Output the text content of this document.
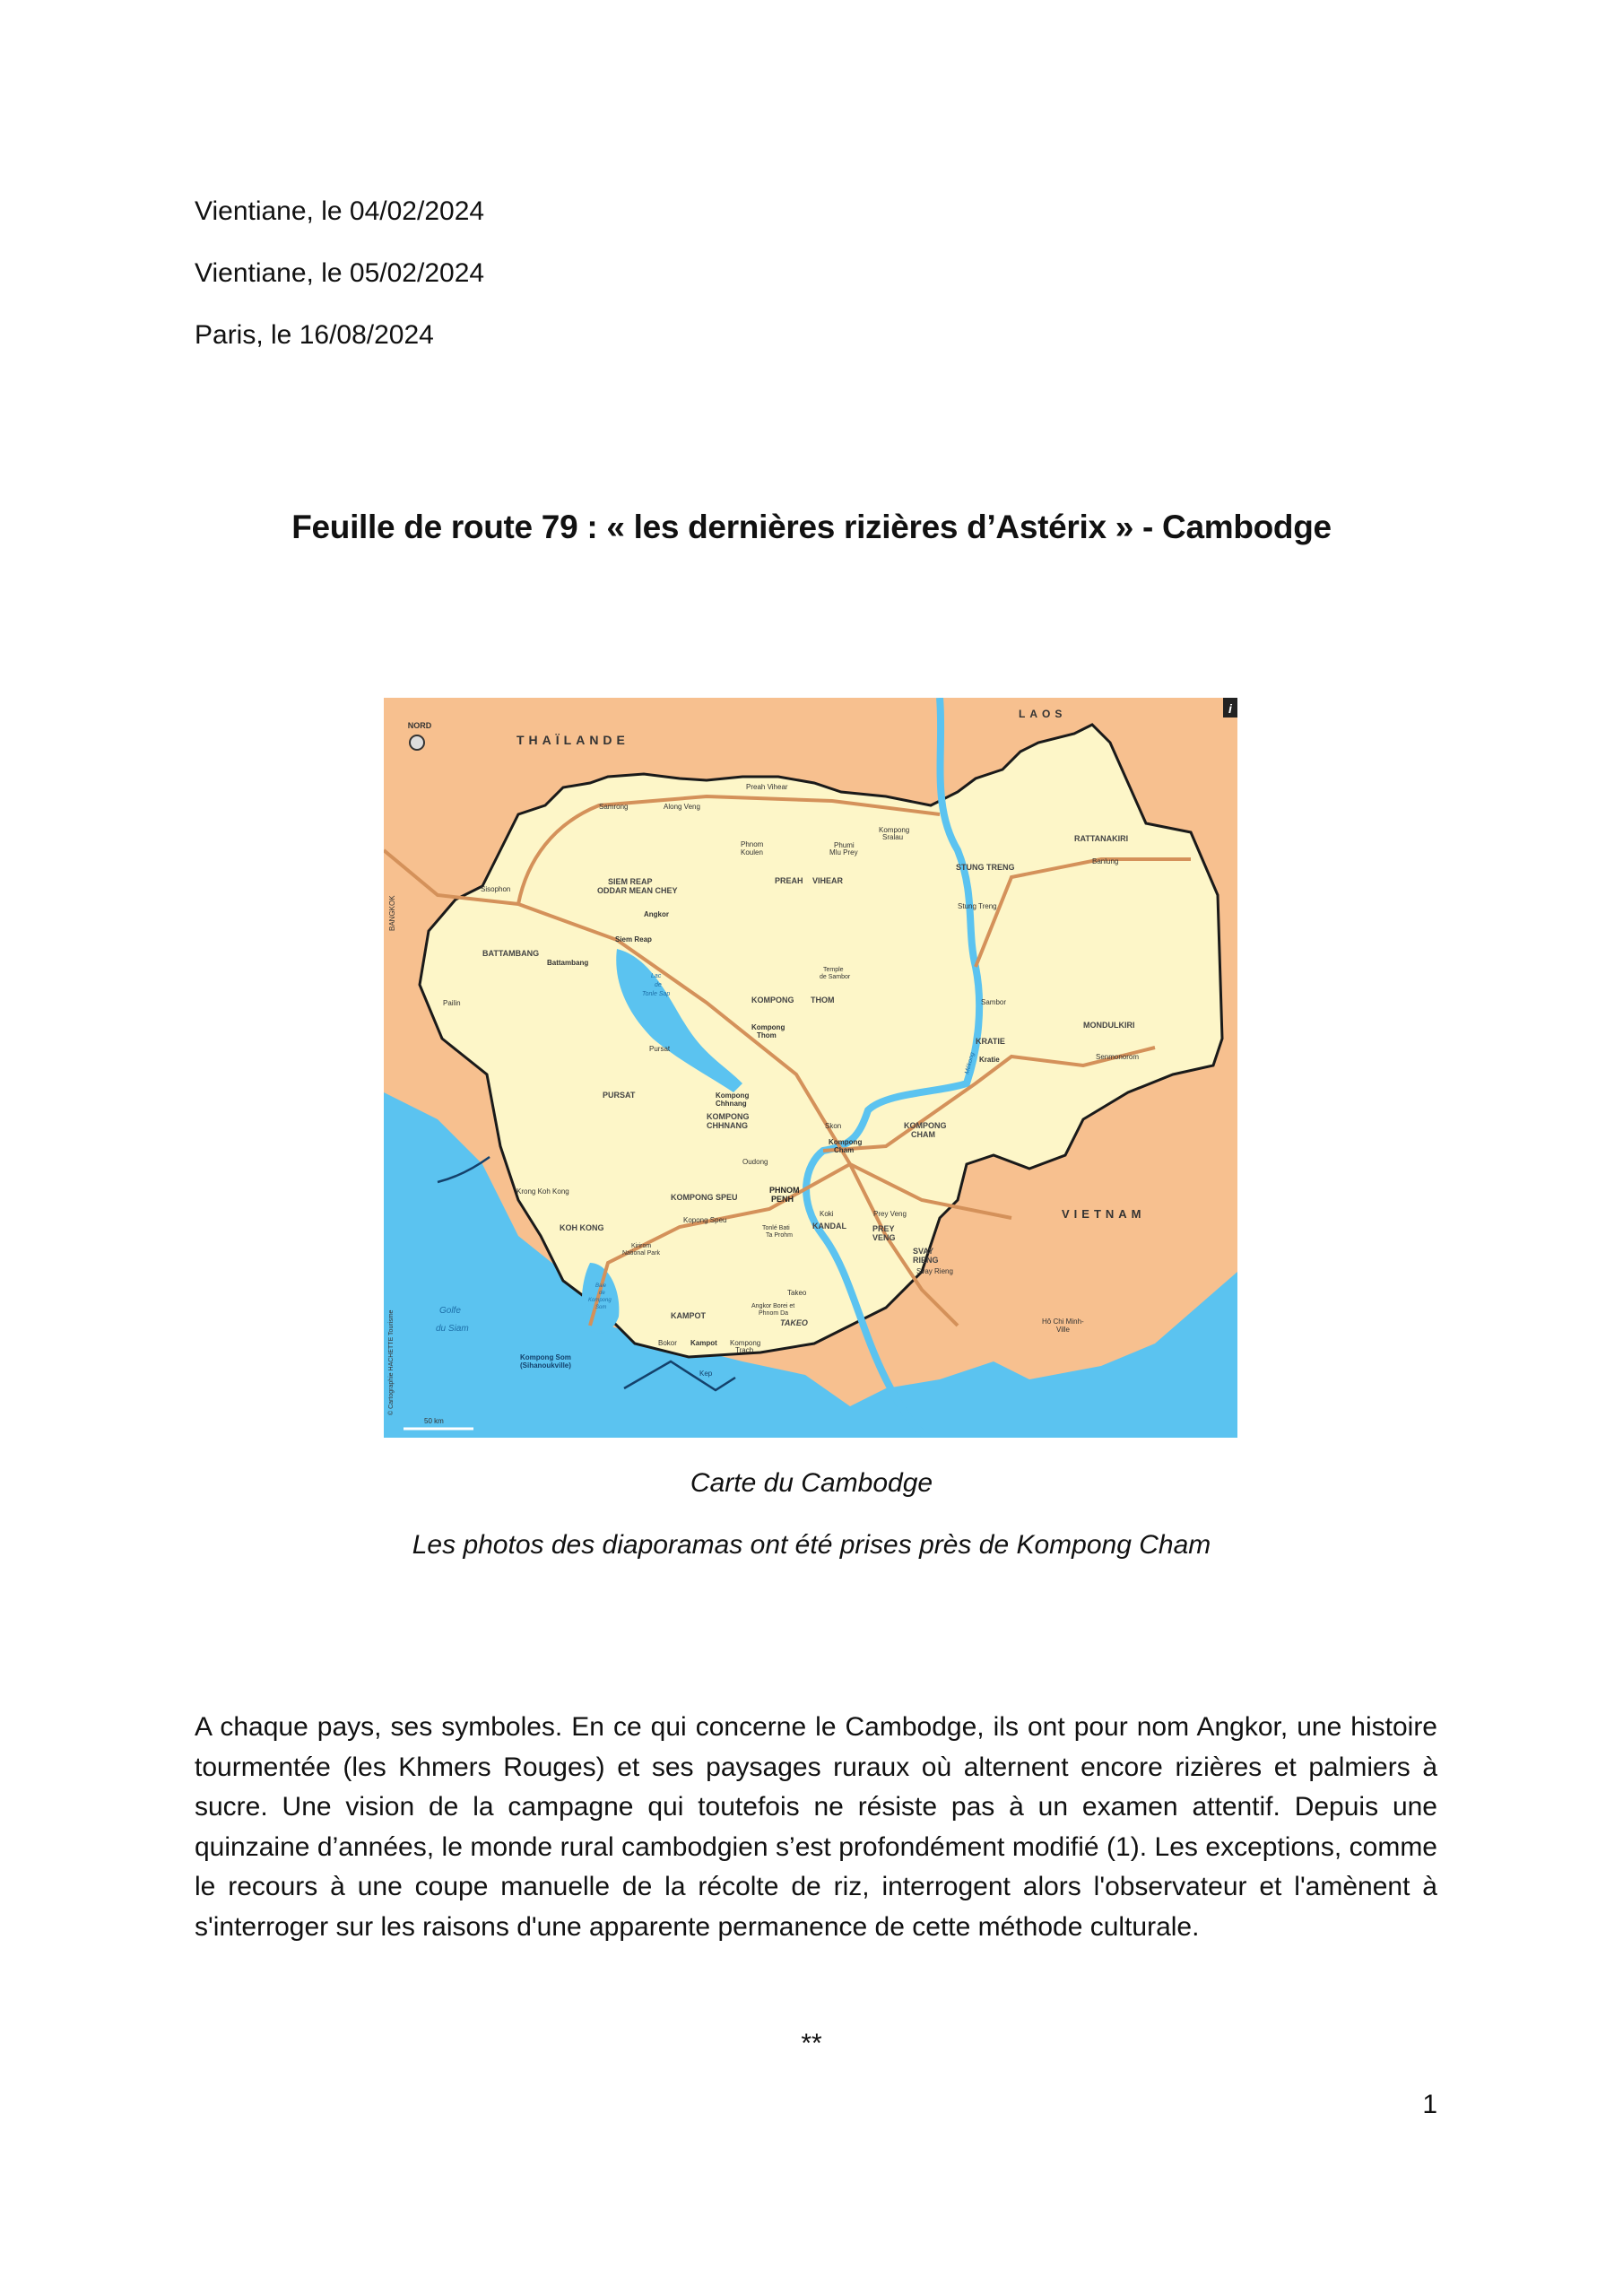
Vientiane, le 04/02/2024
Vientiane, le 05/02/2024
Paris, le 16/08/2024
Feuille de route 79 : « les dernières rizières d’Astérix » - Cambodge
i
NORD
THAÏLANDE
LAOS
VIETNAM
BANGKOK
© Cartographie HACHETTE Tourisme
50 km
Golfe
du Siam
Lac
de
Tonle Sap
Baie
de
Kompong
Som
Mékong
SIEM REAP
ODDAR MEAN CHEY
PREAH VIHEAR
STUNG TRENG
RATTANAKIRI
BATTAMBANG
KOMPONG THOM
MONDULKIRI
KRATIE
PURSAT
KOMPONG
CHHNANG	KOMPONG
CHAM
KOMPONG SPEU
KOH KONG	KANDAL	PREY
VENG
SVAY
RIENG
KAMPOT
TAKEO
PHNOM
PENH
Preah Vihear
Samrong	Along Veng
Kompong
Sralau
Phnom
Koulen
Phumi
Mlu Prey
Banlung
Stung Treng
Sisophon
Angkor
Siem Reap
Battambang
Temple
de Sambor
Pailin
Kompong
Thom
Sambor
Kratie	Senmonorom
Pursat
Kompong
Chhnang
Skon
Kompong
Cham
Oudong
Krong Koh Kong
Kopong Speu
Koki	Prey Veng
Tonlé Bati
Ta Prohm
Kirirom
National Park
Svay Rieng
Takeo
Angkor Borei et
Phnom Da
Hô Chi Minh-
Ville
Bokor Kampot Kompong
Trach
Kompong Som
(Sihanoukville)
Kep
Carte du Cambodge
Les photos des diaporamas ont été prises près de Kompong Cham

A chaque pays, ses symboles. En ce qui concerne le Cambodge, ils ont pour nom Angkor, une histoire tourmentée (les Khmers Rouges) et ses paysages ruraux où alternent encore rizières et palmiers à sucre. Une vision de la campagne qui toutefois ne résiste pas à un examen attentif. Depuis une quinzaine d’années, le monde rural cambodgien s’est profondément modifié (1). Les exceptions, comme le recours à une coupe manuelle de la récolte de riz, interrogent alors l'observateur et l'amènent à s'interroger sur les raisons d'une apparente permanence de cette méthode culturale.

**
1
